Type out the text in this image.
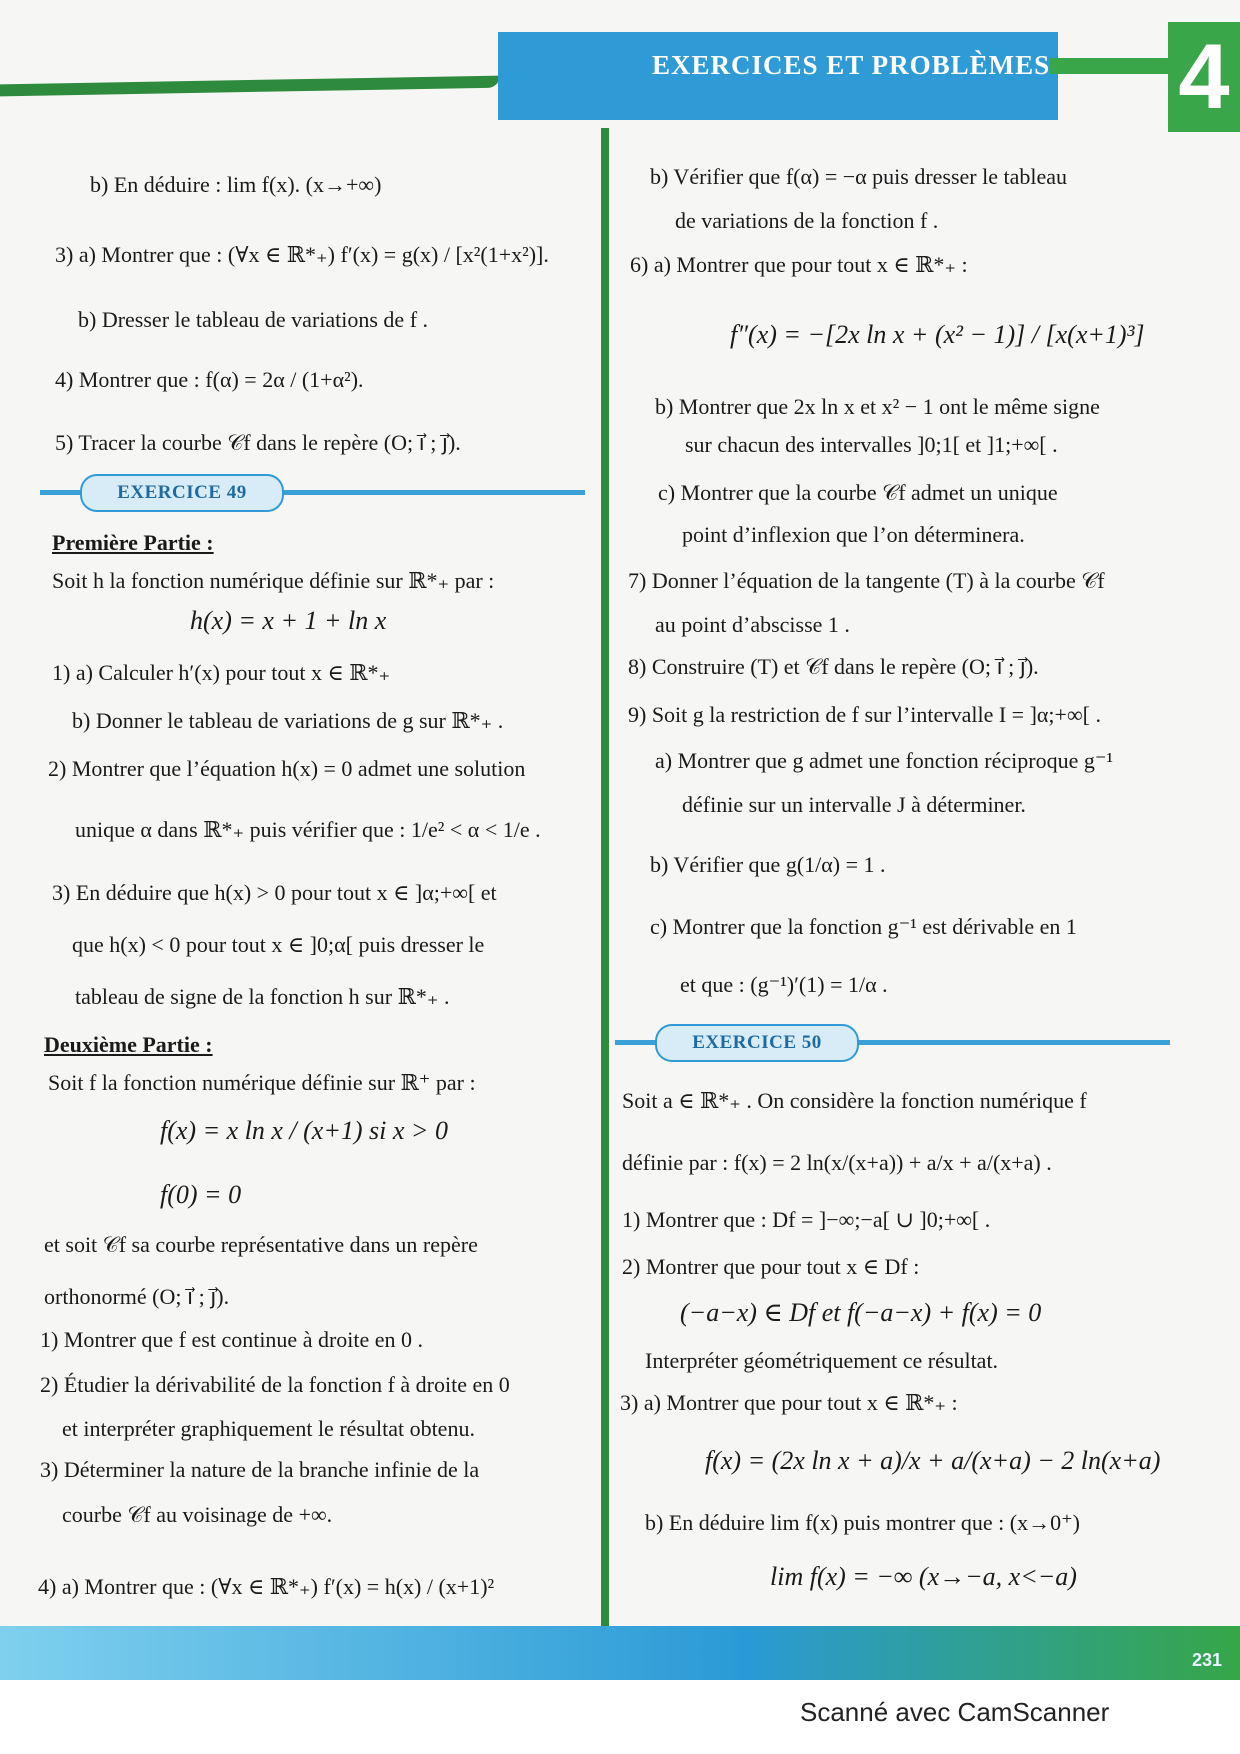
EXERCICES ET PROBLÈMES 4
b) En déduire : lim f(x). (x→+∞)
3) a) Montrer que : (∀x ∈ ℝ*₊) f′(x) = g(x) / [x²(1+x²)].
b) Dresser le tableau de variations de f .
4) Montrer que : f(α) = 2α / (1+α²).
5) Tracer la courbe 𝒞f dans le repère (O; i⃗ ; j⃗).
EXERCICE 49
Première Partie :
Soit h la fonction numérique définie sur ℝ*₊ par :
h(x) = x + 1 + ln x
1) a) Calculer h′(x) pour tout x ∈ ℝ*₊
b) Donner le tableau de variations de g sur ℝ*₊ .
2) Montrer que l’équation h(x) = 0 admet une solution
unique α dans ℝ*₊ puis vérifier que : 1/e² < α < 1/e .
3) En déduire que h(x) > 0 pour tout x ∈ ]α;+∞[ et
que h(x) < 0 pour tout x ∈ ]0;α[ puis dresser le
tableau de signe de la fonction h sur ℝ*₊ .
Deuxième Partie :
Soit f la fonction numérique définie sur ℝ⁺ par :
f(x) = x ln x / (x+1) si x > 0
f(0) = 0
et soit 𝒞f sa courbe représentative dans un repère
orthonormé (O; i⃗ ; j⃗).
1) Montrer que f est continue à droite en 0 .
2) Étudier la dérivabilité de la fonction f à droite en 0
et interpréter graphiquement le résultat obtenu.
3) Déterminer la nature de la branche infinie de la
courbe 𝒞f au voisinage de +∞.
4) a) Montrer que : (∀x ∈ ℝ*₊) f′(x) = h(x) / (x+1)²
b) Vérifier que f(α) = −α puis dresser le tableau
de variations de la fonction f .
6) a) Montrer que pour tout x ∈ ℝ*₊ :
f″(x) = −[2x ln x + (x² − 1)] / [x(x+1)³]
b) Montrer que 2x ln x et x² − 1 ont le même signe
sur chacun des intervalles ]0;1[ et ]1;+∞[ .
c) Montrer que la courbe 𝒞f admet un unique
point d’inflexion que l’on déterminera.
7) Donner l’équation de la tangente (T) à la courbe 𝒞f
au point d’abscisse 1 .
8) Construire (T) et 𝒞f dans le repère (O; i⃗ ; j⃗).
9) Soit g la restriction de f sur l’intervalle I = ]α;+∞[ .
a) Montrer que g admet une fonction réciproque g⁻¹
définie sur un intervalle J à déterminer.
b) Vérifier que g(1/α) = 1 .
c) Montrer que la fonction g⁻¹ est dérivable en 1
et que : (g⁻¹)′(1) = 1/α .
EXERCICE 50
Soit a ∈ ℝ*₊ . On considère la fonction numérique f
définie par : f(x) = 2 ln(x/(x+a)) + a/x + a/(x+a) .
1) Montrer que : Df = ]−∞;−a[ ∪ ]0;+∞[ .
2) Montrer que pour tout x ∈ Df :
(−a−x) ∈ Df et f(−a−x) + f(x) = 0
Interpréter géométriquement ce résultat.
3) a) Montrer que pour tout x ∈ ℝ*₊ :
f(x) = (2x ln x + a)/x + a/(x+a) − 2 ln(x+a)
b) En déduire lim f(x) puis montrer que : (x→0⁺)
lim f(x) = −∞ (x→−a, x<−a)
231
Scanné avec CamScanner
